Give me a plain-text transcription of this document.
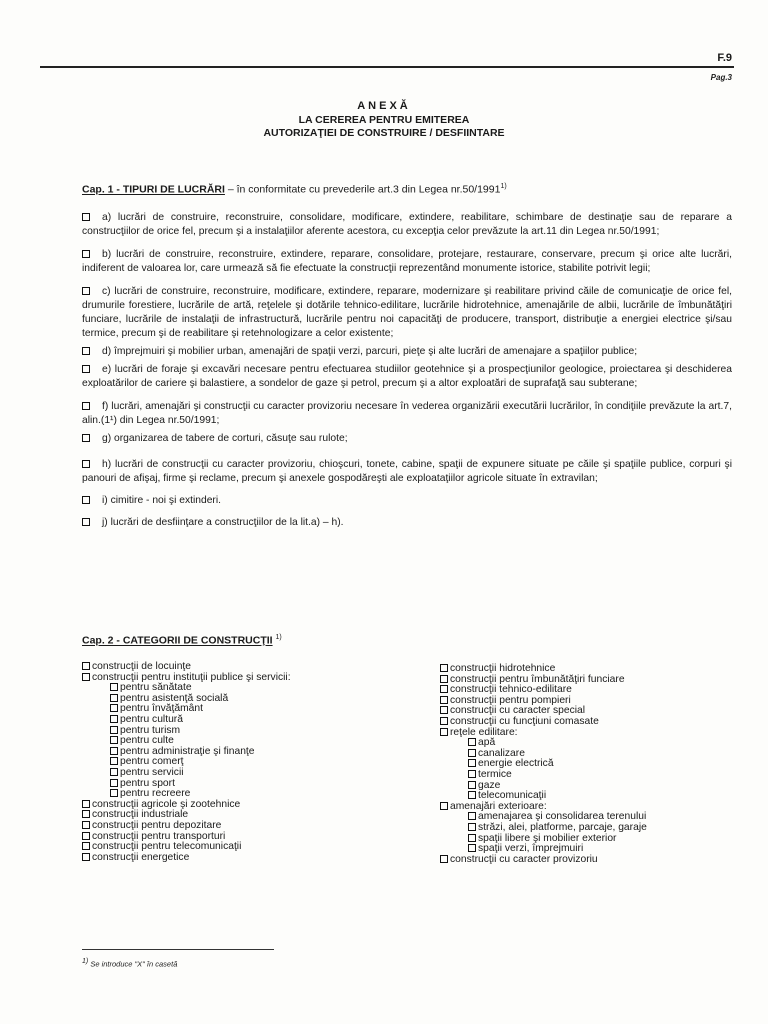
F.9
Pag.3
ANEXĂ
LA CEREREA PENTRU EMITEREA
AUTORIZAŢIEI DE CONSTRUIRE / DESFIINTARE
Cap. 1 - TIPURI DE LUCRĂRI – în conformitate cu prevederile art.3 din Legea nr.50/1991$^{1)}$

a) lucrări de construire, reconstruire, consolidare, modificare, extindere, reabilitare, schimbare de destinaţie sau de reparare a construcţiilor de orice fel, precum şi a instalaţiilor aferente acestora, cu excepţia celor prevăzute la art.11 din Legea nr.50/1991;

b) lucrări de construire, reconstruire, extindere, reparare, consolidare, protejare, restaurare, conservare, precum şi orice alte lucrări, indiferent de valoarea lor, care urmează să fie efectuate la construcţii reprezentând monumente istorice, stabilite potrivit legii;

c) lucrări de construire, reconstruire, modificare, extindere, reparare, modernizare şi reabilitare privind căile de comunicaţie de orice fel, drumurile forestiere, lucrările de artă, reţelele şi dotările tehnico-edilitare, lucrările hidrotehnice, amenajările de albii, lucrările de îmbunătăţiri funciare, lucrările de instalaţii de infrastructură, lucrările pentru noi capacităţi de producere, transport, distribuţie a energiei electrice şi/sau termice, precum şi de reabilitare şi retehnologizare a celor existente;

d) împrejmuiri şi mobilier urban, amenajări de spaţii verzi, parcuri, pieţe şi alte lucrări de amenajare a spaţiilor publice;

e) lucrări de foraje şi excavări necesare pentru efectuarea studiilor geotehnice şi a prospecţiunilor geologice, proiectarea şi deschiderea exploatărilor de cariere şi balastiere, a sondelor de gaze şi petrol, precum şi a altor exploatări de suprafaţă sau subterane;

f) lucrări, amenajări şi construcţii cu caracter provizoriu necesare în vederea organizării executării lucrărilor, în condiţiile prevăzute la art.7, alin.(1¹) din Legea nr.50/1991;

g) organizarea de tabere de corturi, căsuţe sau rulote;

h) lucrări de construcţii cu caracter provizoriu, chioşcuri, tonete, cabine, spaţii de expunere situate pe căile şi spaţiile publice, corpuri şi panouri de afişaj, firme şi reclame, precum şi anexele gospodăreşti ale exploataţiilor agricole situate în extravilan;

i) cimitire - noi şi extinderi.

j) lucrări de desfiinţare a construcţiilor de la lit.a) – h).

Cap. 2 - CATEGORII DE CONSTRUCŢII $^{1)}$
construcţii de locuinţe
construcţii pentru instituţii publice şi servicii:
pentru sănătate
pentru asistenţă socială
pentru învăţământ
pentru cultură
pentru turism
pentru culte
pentru administraţie şi finanţe
pentru comerţ
pentru servicii
pentru sport
pentru recreere
construcţii agricole şi zootehnice
construcţii industriale
construcţii pentru depozitare
construcţii pentru transporturi
construcţii pentru telecomunicaţii
construcţii energetice
construcţii hidrotehnice
construcţii pentru îmbunătăţiri funciare
construcţii tehnico-edilitare
construcţii pentru pompieri
construcţii cu caracter special
construcţii cu funcţiuni comasate
reţele edilitare:
apă
canalizare
energie electrică
termice
gaze
telecomunicaţii
amenajări exterioare:
amenajarea şi consolidarea terenului
străzi, alei, platforme, parcaje, garaje
spaţii libere şi mobilier exterior
spaţii verzi, împrejmuiri
construcţii cu caracter provizoriu
1) Se introduce "X" în casetă
